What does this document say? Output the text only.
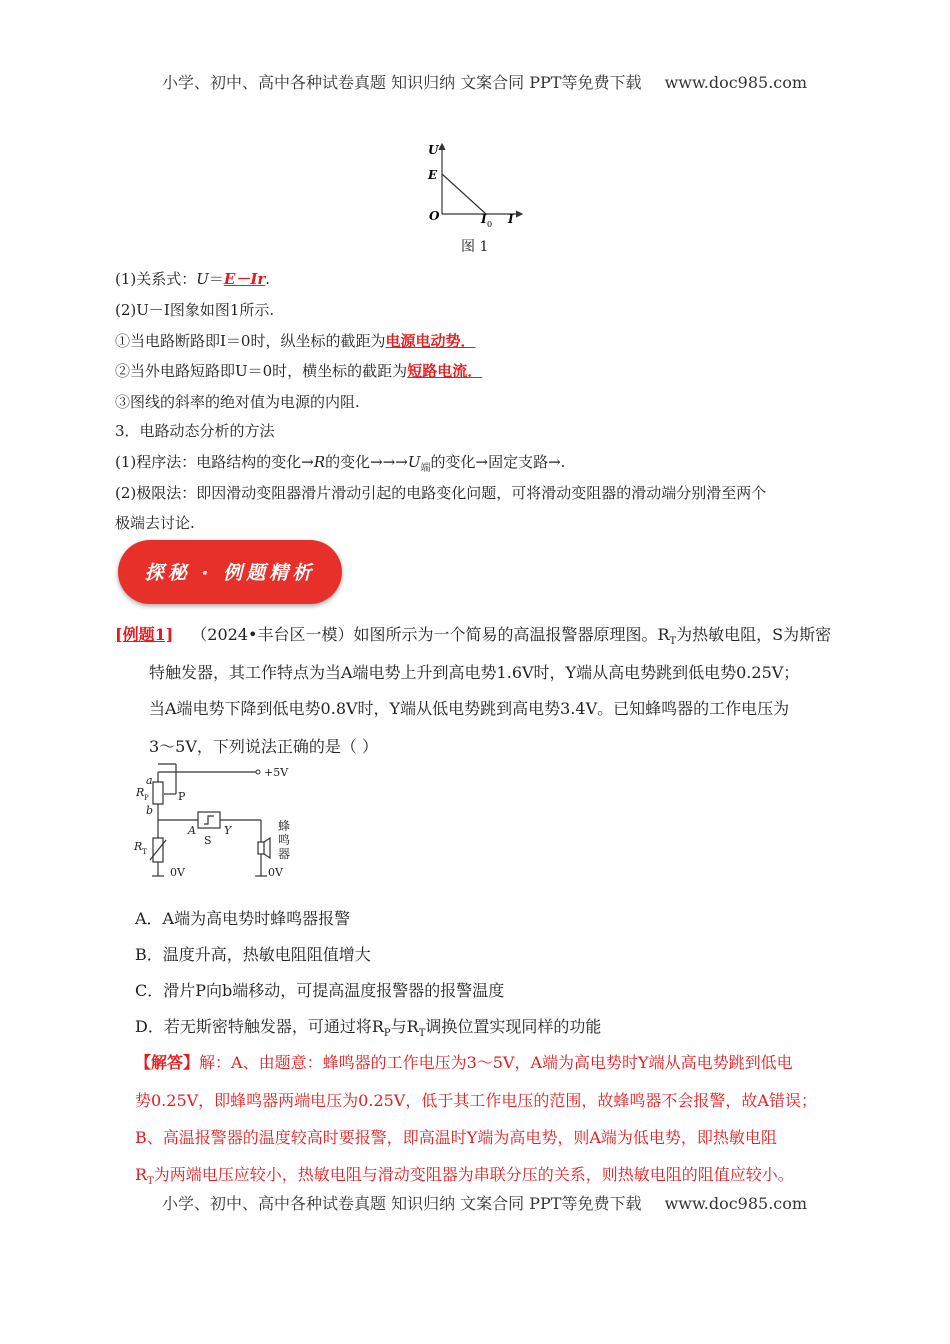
小学、初中、高中各种试卷真题 知识归纳 文案合同 PPT等免费下载 www.doc985.com
U
E
O	I 0 I
图 1
(1)关系式：U＝E－Ir.
(2)U－I图象如图1所示.
①当电路断路即I＝0时，纵坐标的截距为电源电动势．
②当外电路短路即U＝0时，横坐标的截距为短路电流．
③图线的斜率的绝对值为电源的内阻.
3．电路动态分析的方法
(1)程序法：电路结构的变化→R的变化$\to\to\to U_端$的变化→固定支路→.
(2)极限法：即因滑动变阻器滑片滑动引起的电路变化问题，可将滑动变阻器的滑动端分别滑至两个
极端去讨论.
探秘 · 例题精析
[例题1] （2024•丰台区一模）如图所示为一个简易的高温报警器原理图。$R_T$为热敏电阻，S为斯密
特触发器，其工作特点为当A端电势上升到高电势1.6V时，Y端从高电势跳到低电势0.25V；
当A端电势下降到低电势0.8V时，Y端从低电势跳到高电势3.4V。已知蜂鸣器的工作电压为
3～5V，下列说法正确的是（ ）
a
R P	P
b
+5V
A
S
Y
R T
0V	0V
蜂
鸣
器
A．A端为高电势时蜂鸣器报警
B．温度升高，热敏电阻阻值增大
C．滑片P向b端移动，可提高温度报警器的报警温度
D．若无斯密特触发器，可通过将$R_P$与$R_T$调换位置实现同样的功能
【解答】解：A、由题意：蜂鸣器的工作电压为3～5V，A端为高电势时Y端从高电势跳到低电
势0.25V，即蜂鸣器两端电压为0.25V，低于其工作电压的范围，故蜂鸣器不会报警，故A错误；
B、高温报警器的温度较高时要报警，即高温时Y端为高电势，则A端为低电势，即热敏电阻
$R_T$为两端电压应较小，热敏电阻与滑动变阻器为串联分压的关系，则热敏电阻的阻值应较小。
小学、初中、高中各种试卷真题 知识归纳 文案合同 PPT等免费下载 www.doc985.com
